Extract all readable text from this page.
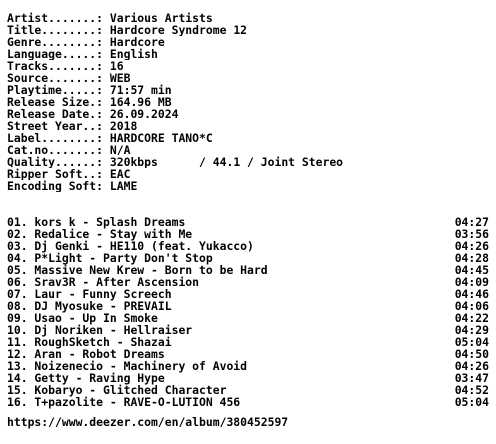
Artist.......: Various Artists
Title........: Hardcore Syndrome 12
Genre........: Hardcore
Language.....: English
Tracks.......: 16
Source.......: WEB
Playtime.....: 71:57 min
Release Size.: 164.96 MB
Release Date.: 26.09.2024
Street Year..: 2018
Label........: HARDCORE TANO*C
Cat.no.......: N/A
Quality......: 320kbps      / 44.1 / Joint Stereo
Ripper Soft..: EAC
Encoding Soft: LAME
01. kors k - Splash Dreams	04:27
02. Redalice - Stay with Me	03:56
03. Dj Genki - HE110 (feat. Yukacco)	04:26
04. P*Light - Party Don't Stop	04:28
05. Massive New Krew - Born to be Hard	04:45
06. Srav3R - After Ascension	04:09
07. Laur - Funny Screech	04:46
08. DJ Myosuke - PREVAIL	04:06
09. Usao - Up In Smoke	04:22
10. Dj Noriken - Hellraiser	04:29
11. RoughSketch - Shazai	05:04
12. Aran - Robot Dreams	04:50
13. Noizenecio - Machinery of Avoid	04:26
14. Getty - Raving Hype	03:47
15. Kobaryo - Glitched Character	04:52
16. T+pazolite - RAVE-O-LUTION 456	05:04
https://www.deezer.com/en/album/380452597
